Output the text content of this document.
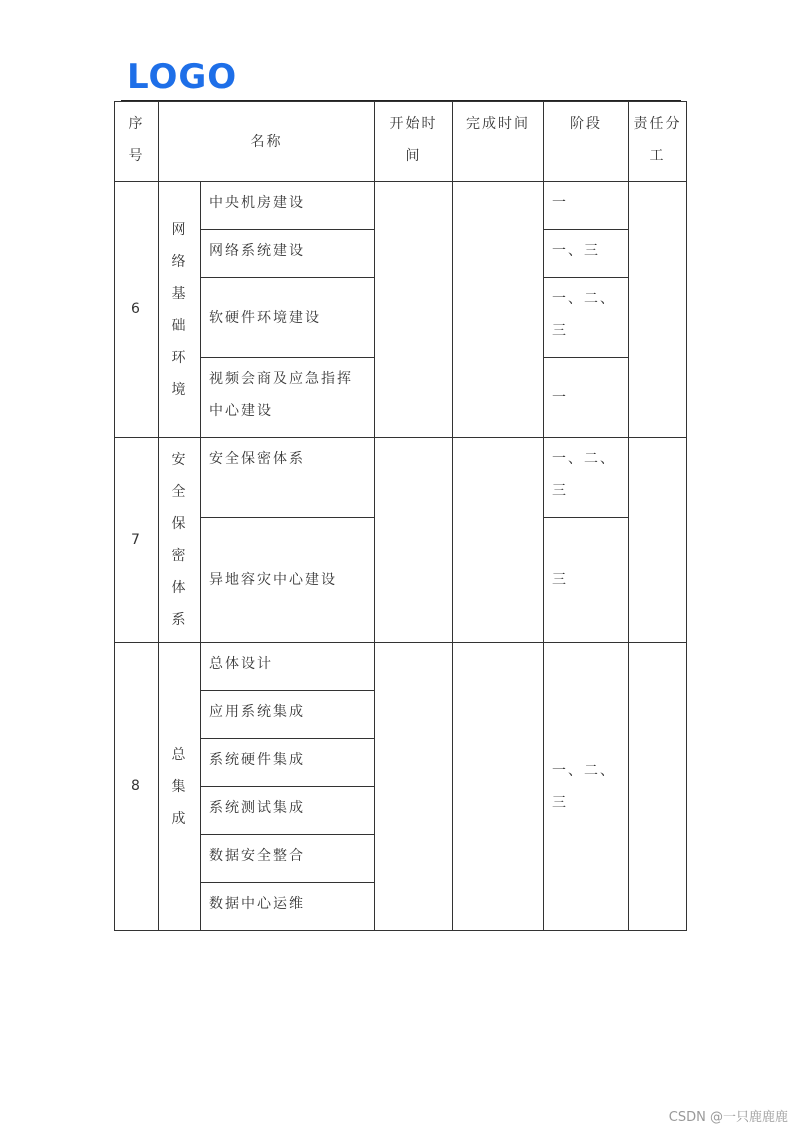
LOGO
序号	名称		开始时间	完成时间	阶段	责任分工
6	网络基础环境	中央机房建设			一	
		网络系统建设			一、三	
		软硬件环境建设			一、二、三	
		视频会商及应急指挥中心建设			一	
7	安全保密体系	安全保密体系			一、二、三	
		异地容灾中心建设			三	
8	总集成	总体设计			一、二、三	
		应用系统集成				
		系统硬件集成				
		系统测试集成				
		数据安全整合				
		数据中心运维				
CSDN @一只鹿鹿鹿
